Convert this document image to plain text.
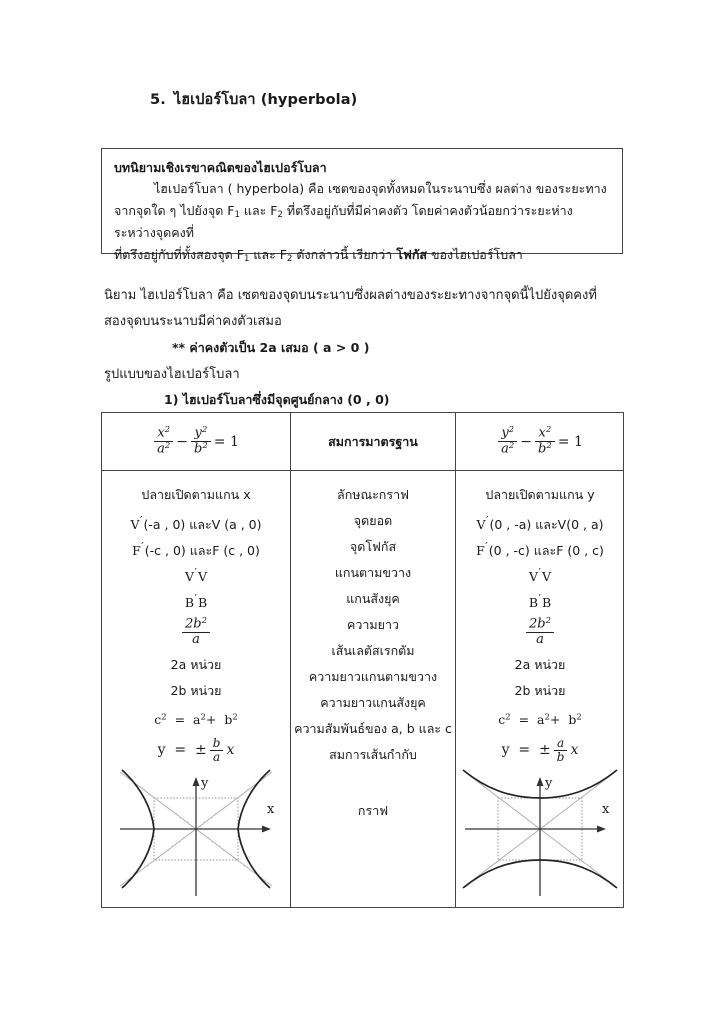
5. ไฮเปอร์โบลา (hyperbola)
บทนิยามเชิงเรขาคณิตของไฮเปอร์โบลา
ไฮเปอร์โบลา ( hyperbola) คือ เซตของจุดทั้งหมดในระนาบซึ่ง ผลต่าง ของระยะทาง
จากจุดใด ๆ ไปยังจุด $F_1$ และ $F_2$ ที่ตรึงอยู่กับที่มีค่าคงตัว โดยค่าคงตัวน้อยกว่าระยะห่างระหว่างจุดคงที่
ที่ตรึงอยู่กับที่ทั้งสองจุด $F_1$ และ $F_2$ ดังกล่าวนี้ เรียกว่า โฟกัส ของไฮเปอร์โบลา
นิยาม ไฮเปอร์โบลา คือ เซตของจุดบนระนาบซึ่งผลต่างของระยะทางจากจุดนี้ไปยังจุดคงที่
สองจุดบนระนาบมีค่าคงตัวเสมอ
** ค่าคงตัวเป็น 2a เสมอ ( a > 0 )
รูปแบบของไฮเปอร์โบลา
1) ไฮเปอร์โบลาซึ่งมีจุดศูนย์กลาง (0 , 0)
$\frac{x^2}{a^2} - \frac{y^2}{b^2} = 1$
ปลายเปิดตามแกน x
V′(-a , 0) และV (a , 0)
F′(-c , 0) และF (c , 0)
V′V
B′B
$\frac{2b^2}{a}$
2a หน่วย
2b หน่วย
$c^2 = a^2+ b^2$
y  =  ± $\frac{b}{a}$ x
x
y
สมการมาตรฐาน
ลักษณะกราฟ
จุดยอด
จุดโฟกัส
แกนตามขวาง
แกนสังยุค
ความยาว
เส้นเลตัสเรกตัม
ความยาวแกนตามขวาง
ความยาวแกนสังยุค
ความสัมพันธ์ของ a, b และ c
สมการเส้นกำกับ
กราฟ
$\frac{y^2}{a^2} - \frac{x^2}{b^2} = 1$
ปลายเปิดตามแกน y
V′(0 , -a) และV(0 , a)
F′(0 , -c) และF (0 , c)
V′V
B′B
$\frac{2b^2}{a}$
2a หน่วย
2b หน่วย
$c^2 = a^2+ b^2$
y  =  ± $\frac{a}{b}$ x
x
y
